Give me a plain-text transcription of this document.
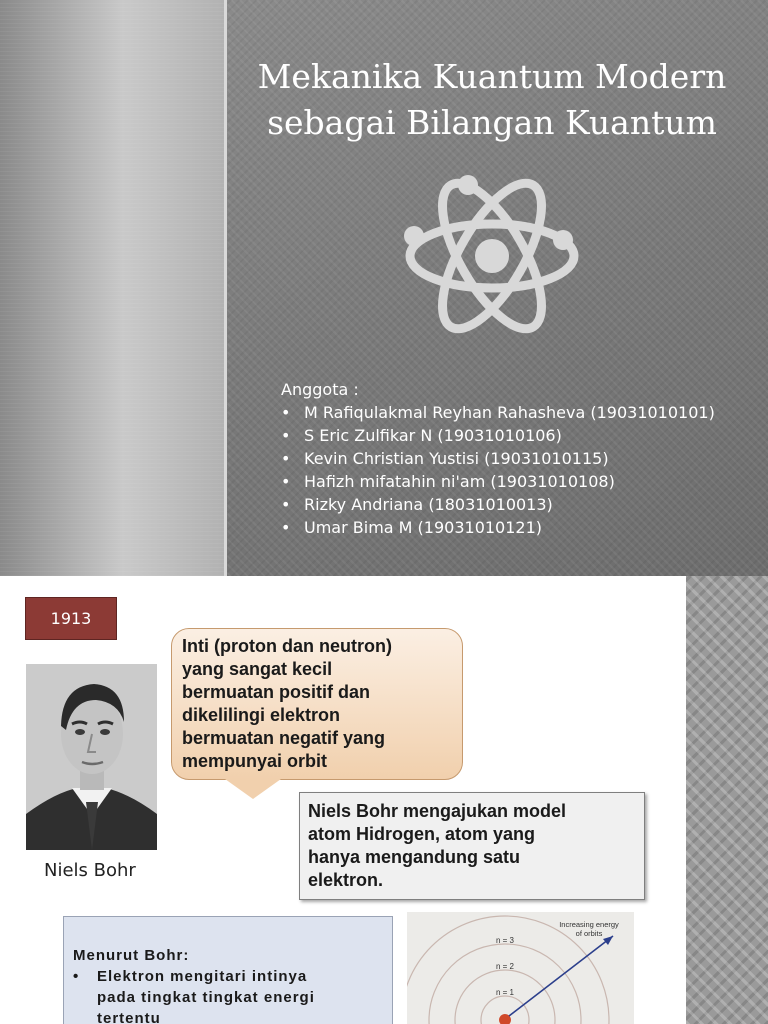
Mekanika Kuantum Modern
sebagai Bilangan Kuantum
Anggota :
• M Rafiqulakmal Reyhan Rahasheva (19031010101)
• S Eric Zulfikar N (19031010106)
• Kevin Christian Yustisi (19031010115)
• Hafizh mifatahin ni'am (19031010108)
• Rizky Andriana (18031010013)
• Umar Bima M (19031010121)
1913
Niels Bohr
Inti (proton dan neutron)
yang sangat kecil
bermuatan positif dan
dikelilingi elektron
bermuatan negatif yang
mempunyai orbit
Niels Bohr mengajukan model
atom Hidrogen, atom yang
hanya mengandung satu
elektron.
Menurut Bohr:
• Elektron mengitari intinya
pada tingkat tingkat energi
tertentu
Increasing energy
of orbits
n = 3
n = 2
n = 1
